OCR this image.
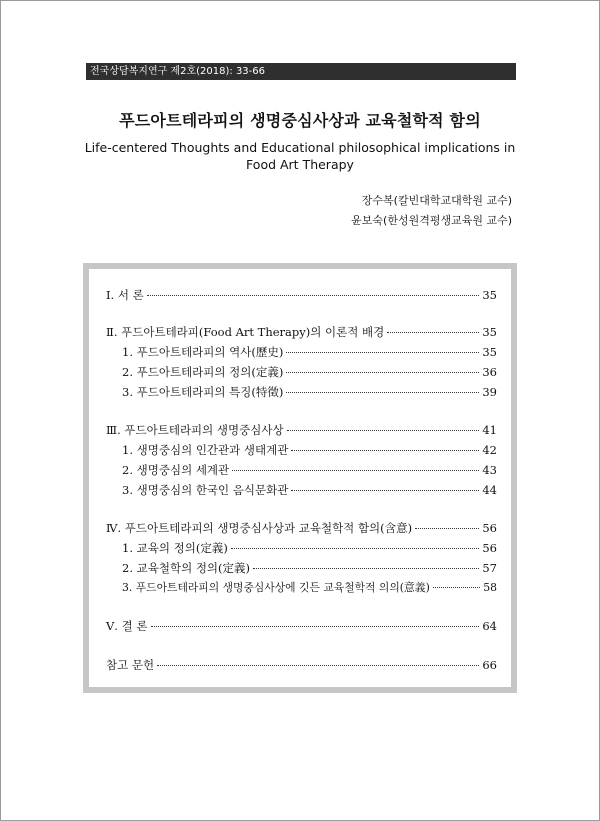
전국상담복지연구 제2호(2018): 33-66
푸드아트테라피의 생명중심사상과 교육철학적 함의
Life-centered Thoughts and Educational philosophical implications in Food Art Therapy
장수복(칼빈대학교대학원 교수)
윤보숙(한성원격평생교육원 교수)
Ⅰ. 서 론	35
Ⅱ. 푸드아트테라피(Food Art Therapy)의 이론적 배경	35
1. 푸드아트테라피의 역사(歷史)	35
2. 푸드아트테라피의 정의(定義)	36
3. 푸드아트테라피의 특징(特徵)	39
Ⅲ. 푸드아트테라피의 생명중심사상	41
1. 생명중심의 인간관과 생태계관	42
2. 생명중심의 세계관	43
3. 생명중심의 한국인 음식문화관	44
Ⅳ. 푸드아트테라피의 생명중심사상과 교육철학적 함의(含意)	56
1. 교육의 정의(定義)	56
2. 교육철학의 정의(定義)	57
3. 푸드아트테라피의 생명중심사상에 깃든 교육철학적 의의(意義)	58
Ⅴ. 결 론	64
참고 문헌	66
